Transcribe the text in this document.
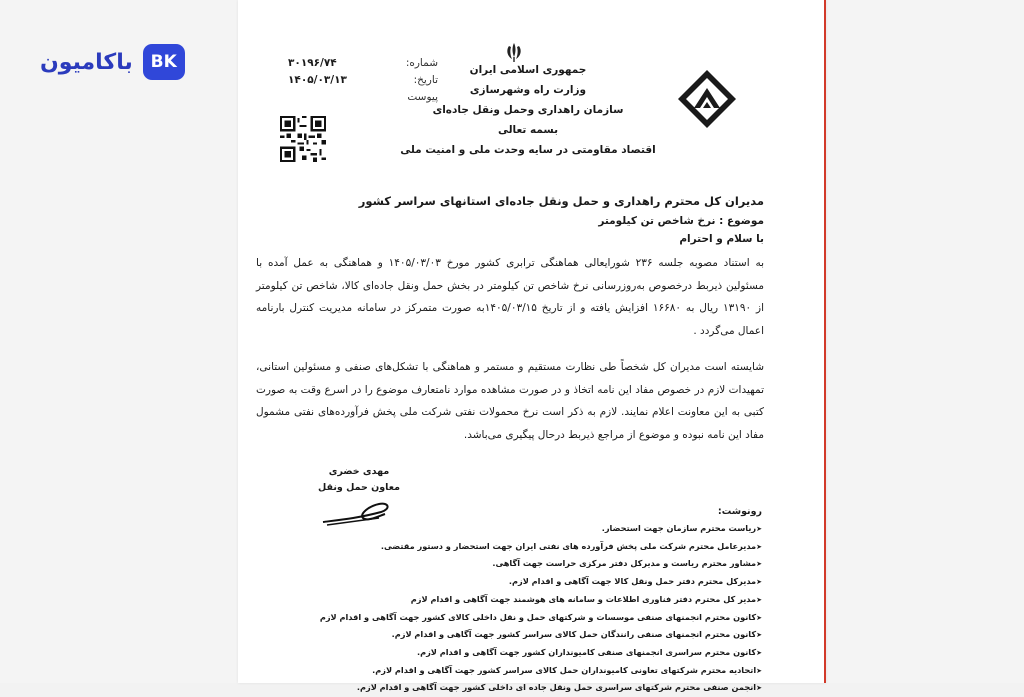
باکامیون	BK	جمهوری اسلامی ایران
وزارت راه وشهرسازی
سازمان راهداری وحمل ونقل جاده‌ای
بسمه تعالی
اقتصاد مقاومتی در سایه وحدت ملی و امنیت ملی
شماره:
۳۰۱۹۶/۷۴
تاریخ:
۱۴۰۵/۰۳/۱۳
پیوست
مدیران کل محترم راهداری و حمل ونقل جاده‌ای استانهای سراسر کشور
موضوع : نرخ شاخص تن کیلومتر
با سلام و احترام
به استناد مصوبه جلسه ۲۳۶ شورایعالی هماهنگی ترابری کشور مورخ ۱۴۰۵/۰۳/۰۳ و هماهنگی به عمل آمده با مسئولین ذیربط درخصوص بەروزرسانی نرخ شاخص تن کیلومتر در بخش حمل ونقل جاده‌ای کالا، شاخص تن کیلومتر از ۱۳۱۹۰ ریال به ۱۶۶۸۰ افزایش یافته و از تاریخ ۱۴۰۵/۰۳/۱۵به صورت متمرکز در سامانه مدیریت کنترل بارنامه اعمال می‌گردد .
شایسته است مدیران کل شخصاً طی نظارت مستقیم و مستمر و هماهنگی با تشکل‌های صنفی و مسئولین استانی، تمهیدات لازم در خصوص مفاد این نامه اتخاذ و در صورت مشاهده موارد نامتعارف موضوع را در اسرع وقت به صورت کتبی به این معاونت اعلام نمایند. لازم به ذکر است نرخ محمولات نفتی شرکت ملی پخش فرآورده‌های نفتی مشمول مفاد این نامه نبوده و موضوع از مراجع ذیربط درحال پیگیری می‌باشد.
مهدی خضری
معاون حمل ونقل
رونوشت:
➤ ریاست محترم سازمان جهت استحضار.
➤ مدیرعامل محترم شرکت ملی پخش فرآورده های نفتی ایران جهت استحضار و دستور مقتضی.
➤ مشاور محترم ریاست و مدیرکل دفتر مرکزی حراست جهت آگاهی.
➤ مدیرکل محترم دفتر حمل ونقل کالا جهت آگاهی و اقدام لازم.
➤ مدیر کل محترم دفتر فناوری اطلاعات و سامانه های هوشمند جهت آگاهی و اقدام لازم
➤ کانون محترم انجمنهای صنفی موسسات و شرکتهای حمل و نقل داخلی کالای کشور جهت آگاهی و اقدام لازم
➤ کانون محترم انجمنهای صنفی رانندگان حمل کالای سراسر کشور جهت آگاهی و اقدام لازم.
➤ کانون محترم سراسری انجمنهای صنفی کامیونداران کشور جهت آگاهی و اقدام لازم.
➤ اتحادیه محترم شرکتهای تعاونی کامیونداران حمل کالای سراسر کشور جهت آگاهی و اقدام لازم.
➤ انجمن صنفی محترم شرکتهای سراسری حمل ونقل جاده ای داخلی کشور جهت آگاهی و اقدام لازم.
